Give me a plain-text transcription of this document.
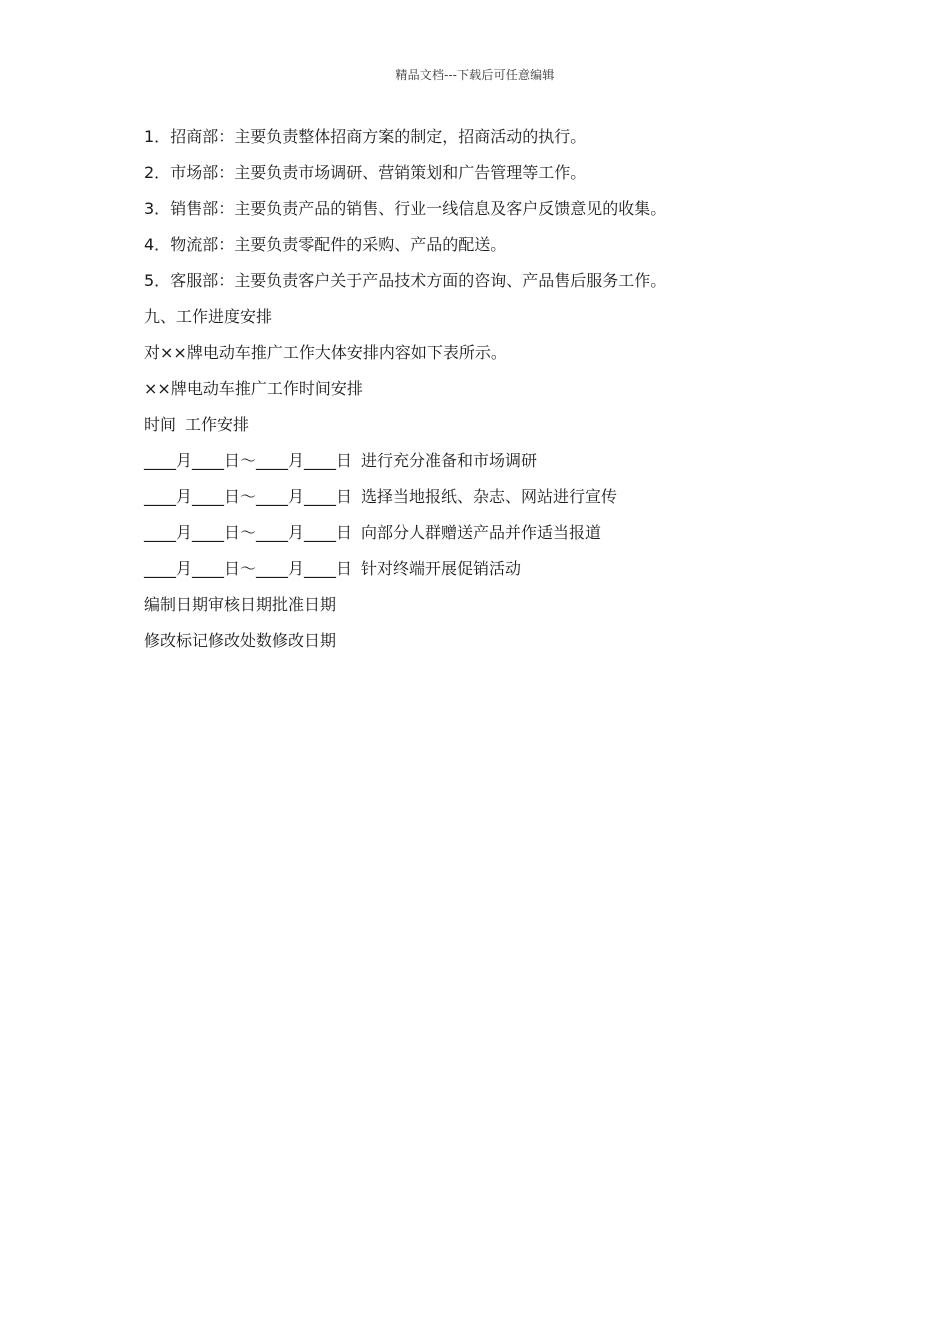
精品文档---下载后可任意编辑
1．招商部：主要负责整体招商方案的制定，招商活动的执行。
2．市场部：主要负责市场调研、营销策划和广告管理等工作。
3．销售部：主要负责产品的销售、行业一线信息及客户反馈意见的收集。
4．物流部：主要负责零配件的采购、产品的配送。
5．客服部：主要负责客户关于产品技术方面的咨询、产品售后服务工作。
九、工作进度安排
对××牌电动车推广工作大体安排内容如下表所示。
××牌电动车推广工作时间安排
时间 工作安排
____月____日～____月____日 进行充分准备和市场调研
____月____日～____月____日 选择当地报纸、杂志、网站进行宣传
____月____日～____月____日 向部分人群赠送产品并作适当报道
____月____日～____月____日 针对终端开展促销活动
编制日期审核日期批准日期
修改标记修改处数修改日期
